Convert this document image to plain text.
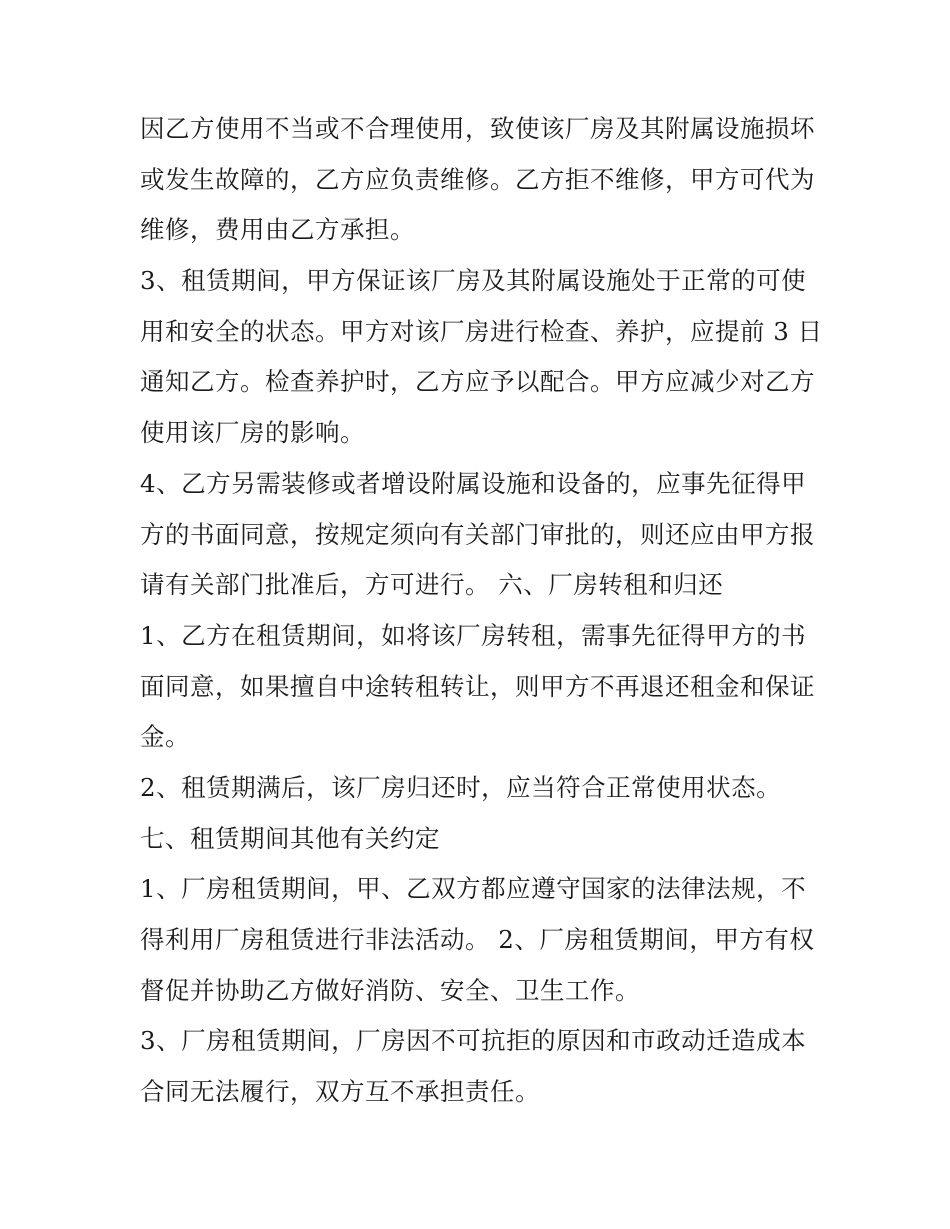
因乙方使用不当或不合理使用，致使该厂房及其附属设施损坏
或发生故障的，乙方应负责维修。乙方拒不维修，甲方可代为
维修，费用由乙方承担。
3、租赁期间，甲方保证该厂房及其附属设施处于正常的可使
用和安全的状态。甲方对该厂房进行检查、养护，应提前 3 日
通知乙方。检查养护时，乙方应予以配合。甲方应减少对乙方
使用该厂房的影响。
4、乙方另需装修或者增设附属设施和设备的，应事先征得甲
方的书面同意，按规定须向有关部门审批的，则还应由甲方报
请有关部门批准后，方可进行。 六、厂房转租和归还
1、乙方在租赁期间，如将该厂房转租，需事先征得甲方的书
面同意，如果擅自中途转租转让，则甲方不再退还租金和保证
金。
2、租赁期满后，该厂房归还时，应当符合正常使用状态。
七、租赁期间其他有关约定
1、厂房租赁期间，甲、乙双方都应遵守国家的法律法规，不
得利用厂房租赁进行非法活动。 2、厂房租赁期间，甲方有权
督促并协助乙方做好消防、安全、卫生工作。
3、厂房租赁期间，厂房因不可抗拒的原因和市政动迁造成本
合同无法履行，双方互不承担责任。
